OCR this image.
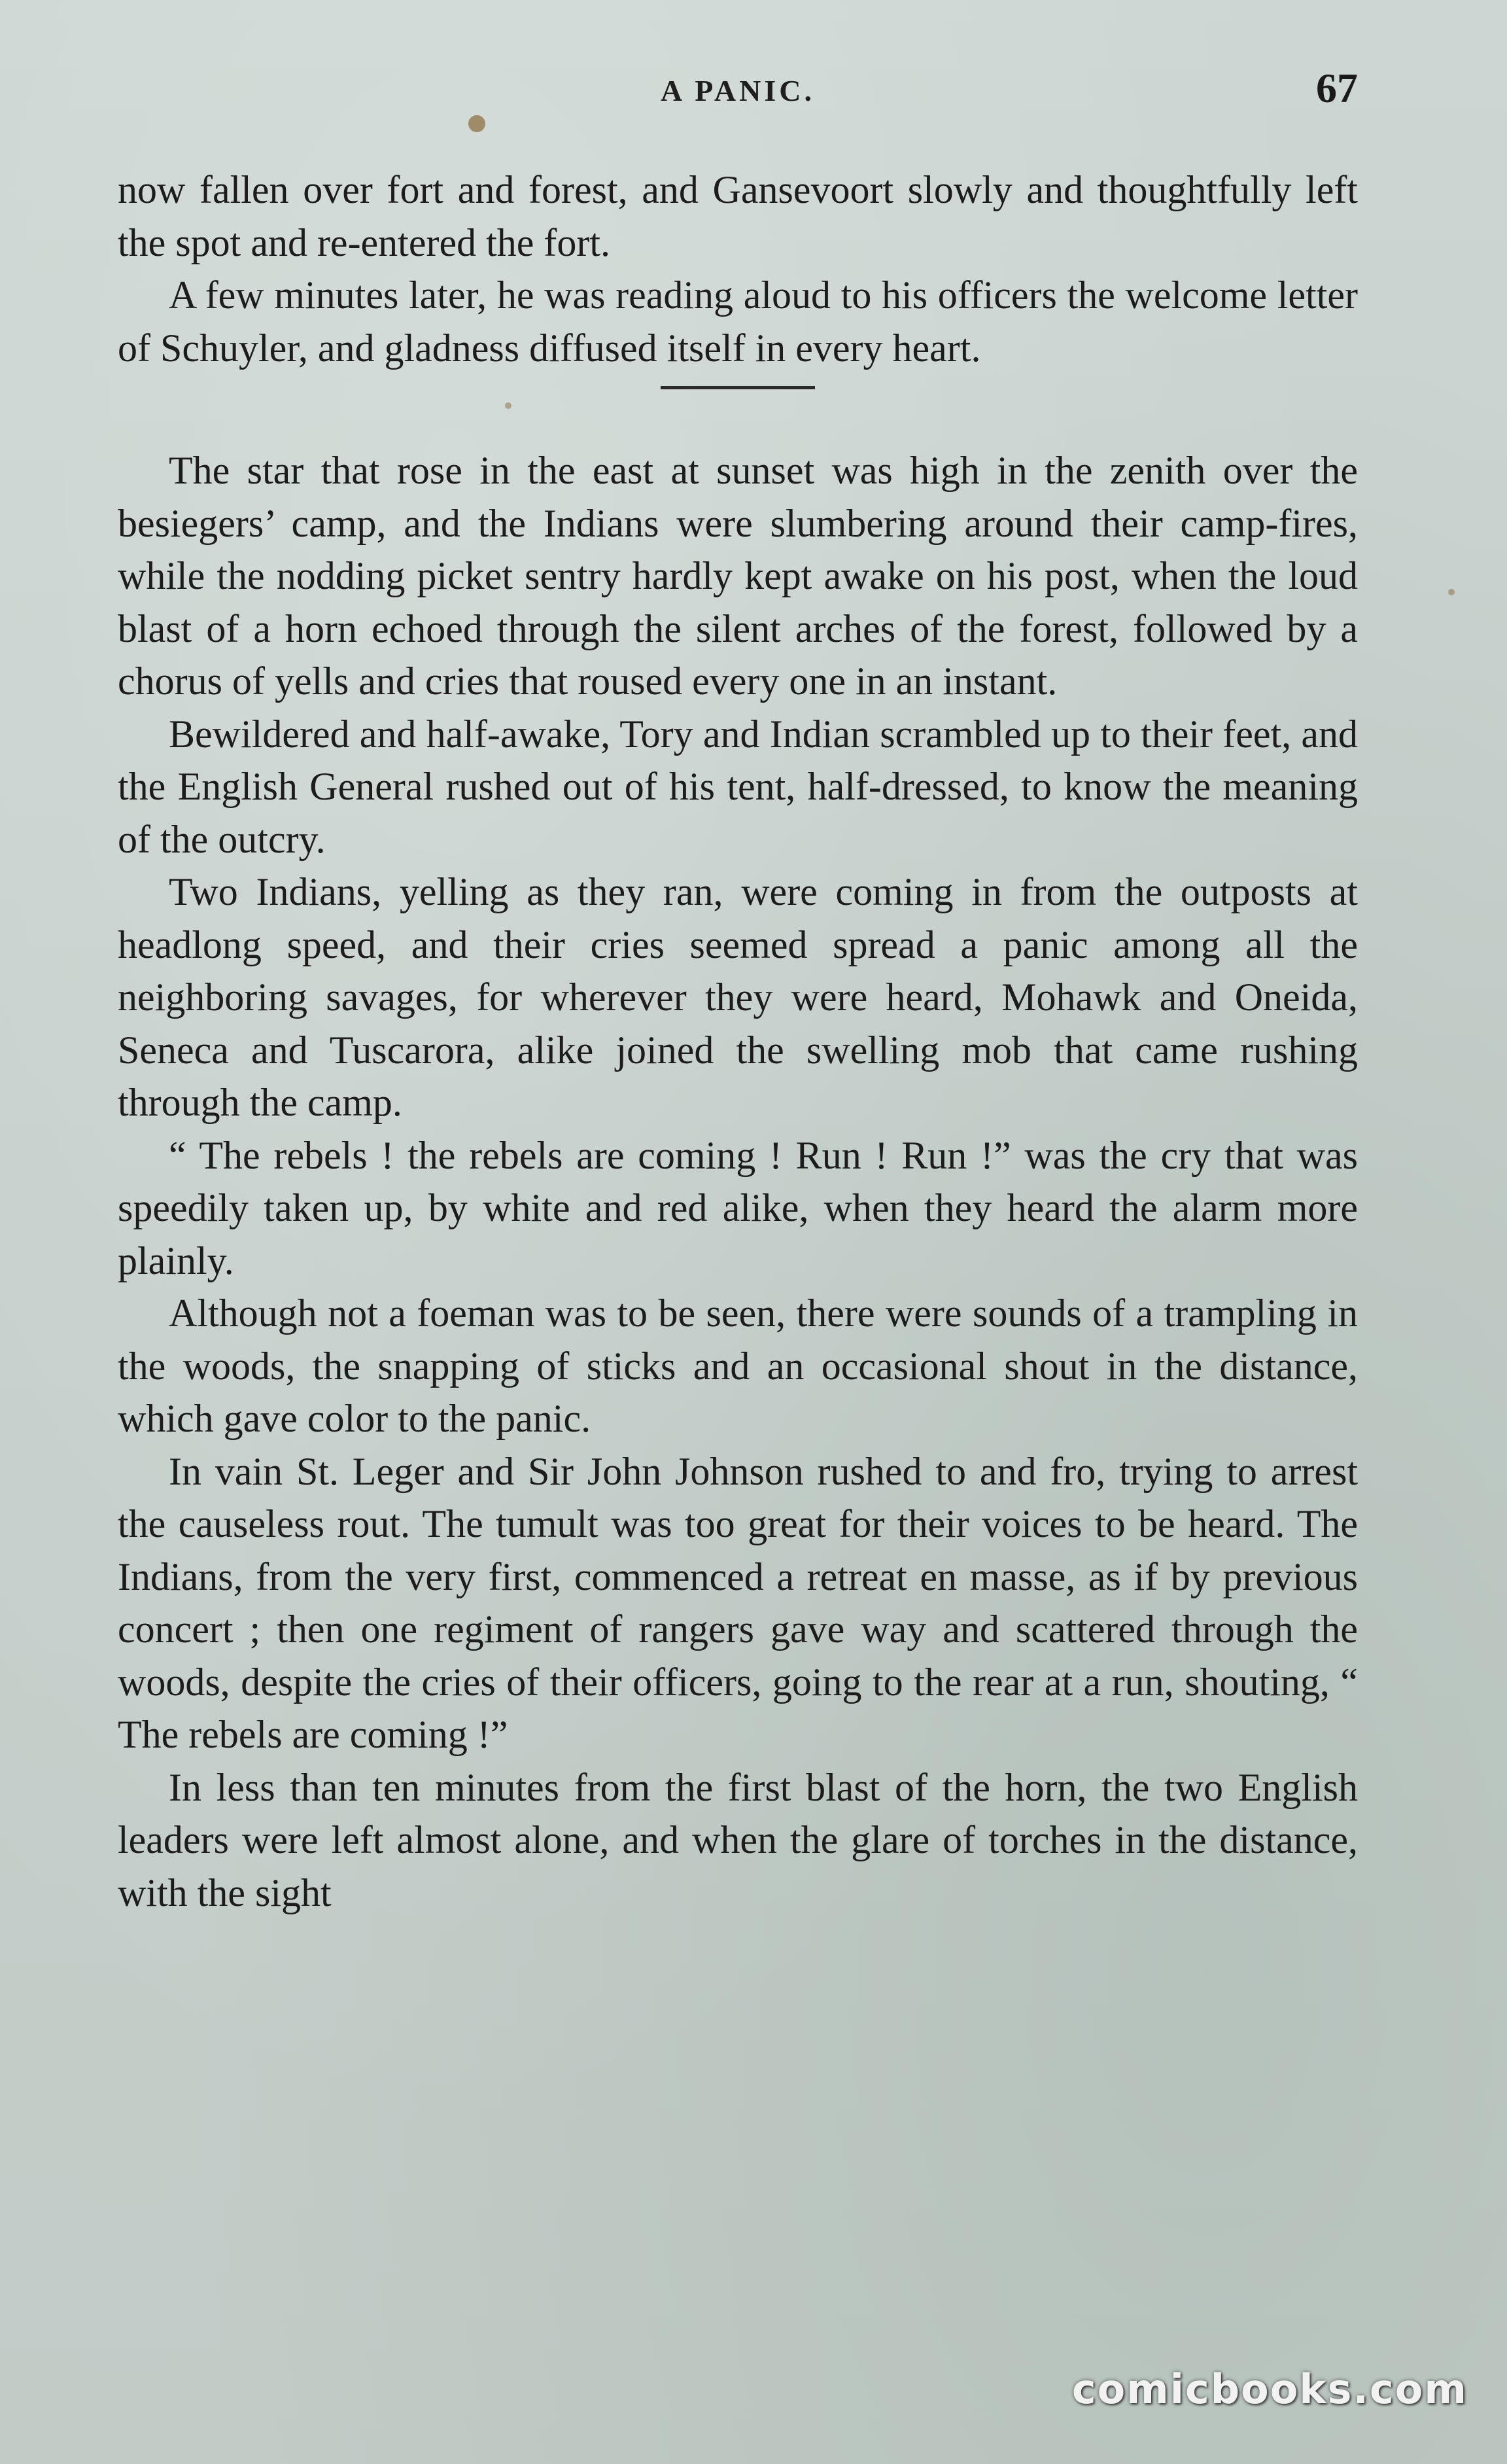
A PANIC.	67

now fallen over fort and forest, and Gansevoort slowly and thoughtfully left the spot and re-entered the fort.

A few minutes later, he was reading aloud to his officers the welcome letter of Schuyler, and gladness diffused itself in every heart.

The star that rose in the east at sunset was high in the zenith over the besiegers’ camp, and the Indians were slumbering around their camp-fires, while the nodding picket sentry hardly kept awake on his post, when the loud blast of a horn echoed through the silent arches of the forest, followed by a chorus of yells and cries that roused every one in an instant.

Bewildered and half-awake, Tory and Indian scrambled up to their feet, and the English General rushed out of his tent, half-dressed, to know the meaning of the outcry.

Two Indians, yelling as they ran, were coming in from the outposts at headlong speed, and their cries seemed spread a panic among all the neighboring savages, for wherever they were heard, Mohawk and Oneida, Seneca and Tuscarora, alike joined the swelling mob that came rushing through the camp.

“ The rebels ! the rebels are coming ! Run ! Run !” was the cry that was speedily taken up, by white and red alike, when they heard the alarm more plainly.

Although not a foeman was to be seen, there were sounds of a trampling in the woods, the snapping of sticks and an occasional shout in the distance, which gave color to the panic.

In vain St. Leger and Sir John Johnson rushed to and fro, trying to arrest the causeless rout. The tumult was too great for their voices to be heard. The Indians, from the very first, commenced a retreat en masse, as if by previous concert ; then one regiment of rangers gave way and scattered through the woods, despite the cries of their officers, going to the rear at a run, shouting, “ The rebels are coming !”

In less than ten minutes from the first blast of the horn, the two English leaders were left almost alone, and when the glare of torches in the distance, with the sight

comicbooks.com
